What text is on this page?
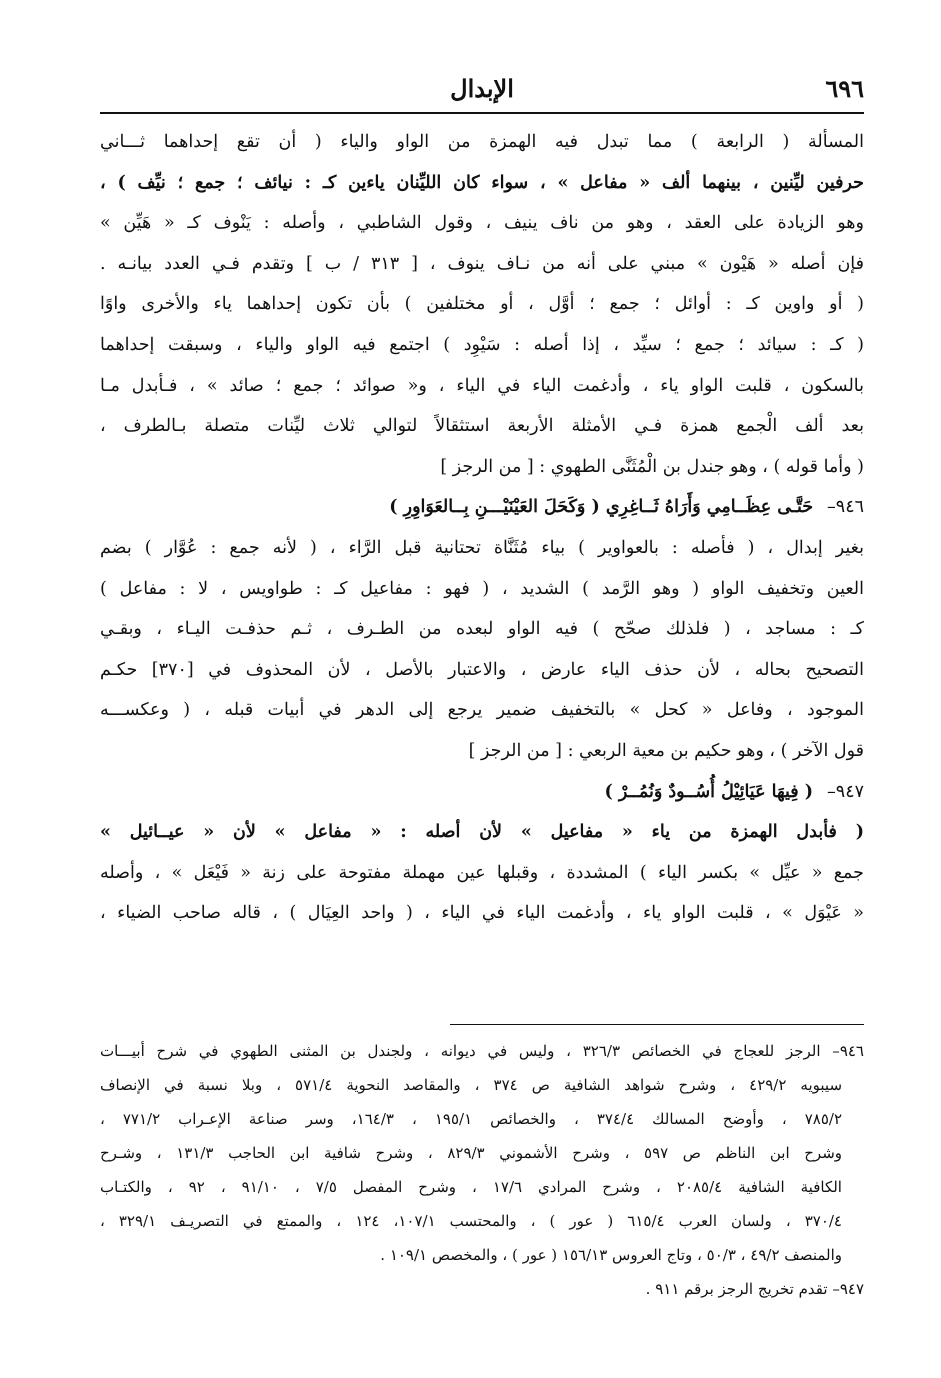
٦٩٦
الإبدال
المسألة ( الرابعة ) مما تبدل فيه الهمزة من الواو والياء ( أن تقع إحداهما ثـــاني
حرفين ليِّنين ، بينهما ألف « مفاعل » ، سواء كان الليِّنان ياءين كـ : نيائف ؛ جمع ؛ نيِّف ) ،
وهو الزيادة على العقد ، وهو من ناف ينيف ، وقول الشاطبي ، وأصله : يَنْوف كـ « هَيِّن »
فإن أصله « هَيْون » مبني على أنه من نـاف ينوف ، [ ٣١٣ / ب ] وتقدم فـي العدد بيانـه .
( أو واوين كـ : أوائل ؛ جمع ؛ أوَّل ، أو مختلفين ) بأن تكون إحداهما ياء والأخرى واوًا
( كـ : سيائد ؛ جمع ؛ سيِّد ، إذا أصله : سَيْوِد ) اجتمع فيه الواو والياء ، وسبقت إحداهما
بالسكون ، قلبت الواو ياء ، وأدغمت الياء في الياء ، و« صوائد ؛ جمع ؛ صائد » ، فـأبدل مـا
بعد ألف الْجمع همزة فـي الأمثلة الأربعة استثقالاً لتوالي ثلاث ليِّنات متصلة بـالطرف ،
( وأما قوله ) ، وهو جندل بن الْمُثَنَّى الطهوي : [ من الرجز ]
٩٤٦–حَتَّـى عِظَــامِي وَأَرَاهُ ثَــاغِرِي ( وَكَحَلَ العَيْنَيْـــنِ بِــالعَوَاوِرِ )
بغير إبدال ، ( فأصله : بالعواوير ) بياء مُثَنَّاة تحتانية قبل الرَّاء ، ( لأنه جمع : عُوَّار ) بضم
العين وتخفيف الواو ( وهو الرَّمد ) الشديد ، ( فهو : مفاعيل كـ : طواويس ، لا : مفاعل )
كـ : مساجد ، ( فلذلك صحّح ) فيه الواو لبعده من الطـرف ، ثـم حذفـت اليـاء ، وبقـي
التصحيح بحاله ، لأن حذف الياء عارض ، والاعتبار بالأصل ، لأن المحذوف في [٣٧٠] حكـم
الموجود ، وفاعل « كحل » بالتخفيف ضمير يرجع إلى الدهر في أبيات قبله ، ( وعكســـه
قول الآخر ) ، وهو حكيم بن معية الربعي : [ من الرجز ]
٩٤٧–( فِيهَا عَيَائِيْلُ أُسُــودٌ وَنُمُــرْ )
( فأبدل الهمزة من ياء « مفاعيل » لأن أصله : « مفاعل » لأن « عيــائيل »
جمع « عيِّل » بكسر الياء ) المشددة ، وقبلها عين مهملة مفتوحة على زنة « فَيْعَل » ، وأصله
« عَيْوَل » ، قلبت الواو ياء ، وأدغمت الياء في الياء ، ( واحد العِيَال ) ، قاله صاحب الضياء ،
٩٤٦– الرجز للعجاج في الخصائص ٣٢٦/٣ ، وليس في ديوانه ، ولجندل بن المثنى الطهوي في شرح أبيـــات
سيبويه ٤٢٩/٢ ، وشرح شواهد الشافية ص ٣٧٤ ، والمقاصد النحوية ٥٧١/٤ ، وبلا نسبة في الإنصاف
٧٨٥/٢ ، وأوضح المسالك ٣٧٤/٤ ، والخصائص ١٩٥/١ ، ١٦٤/٣، وسر صناعة الإعـراب ٧٧١/٢ ،
وشرح ابن الناظم ص ٥٩٧ ، وشرح الأشموني ٨٢٩/٣ ، وشرح شافية ابن الحاجب ١٣١/٣ ، وشـرح
الكافية الشافية ٢٠٨٥/٤ ، وشرح المرادي ١٧/٦ ، وشرح المفصل ٧/٥ ، ٩١/١٠ ، ٩٢ ، والكتـاب
٣٧٠/٤ ، ولسان العرب ٦١٥/٤ ( عور ) ، والمحتسب ١٠٧/١، ١٢٤ ، والممتع في التصريـف ٣٢٩/١ ،
والمنصف ٤٩/٢ ، ٥٠/٣ ، وتاج العروس ١٥٦/١٣ ( عور ) ، والمخصص ١٠٩/١ .
٩٤٧– تقدم تخريج الرجز برقم ٩١١ .
